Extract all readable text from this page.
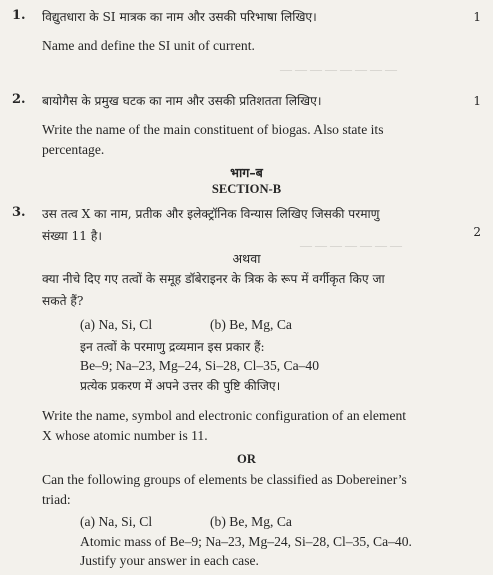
— — — — — — — —
— — — — — — —
1. विद्युतधारा के SI मात्रक का नाम और उसकी परिभाषा लिखिए।	1
Name and define the SI unit of current.
2. बायोगैस के प्रमुख घटक का नाम और उसकी प्रतिशतता लिखिए।	1
Write the name of the main constituent of biogas. Also state its
percentage.
भाग–ब
SECTION-B
3. उस तत्व X का नाम, प्रतीक और इलेक्ट्रॉनिक विन्यास लिखिए जिसकी परमाणु
2
संख्या 11 है।
अथवा
क्या नीचे दिए गए तत्वों के समूह डॉबेराइनर के त्रिक के रूप में वर्गीकृत किए जा
सकते हैं?
(a) Na, Si, Cl	(b) Be, Mg, Ca
इन तत्वों के परमाणु द्रव्यमान इस प्रकार हैं:
Be–9; Na–23, Mg–24, Si–28, Cl–35, Ca–40
प्रत्येक प्रकरण में अपने उत्तर की पुष्टि कीजिए।
Write the name, symbol and electronic configuration of an element
X whose atomic number is 11.
OR
Can the following groups of elements be classified as Dobereiner’s
triad:
(a) Na, Si, Cl	(b) Be, Mg, Ca
Atomic mass of Be–9; Na–23, Mg–24, Si–28, Cl–35, Ca–40.
Justify your answer in each case.
